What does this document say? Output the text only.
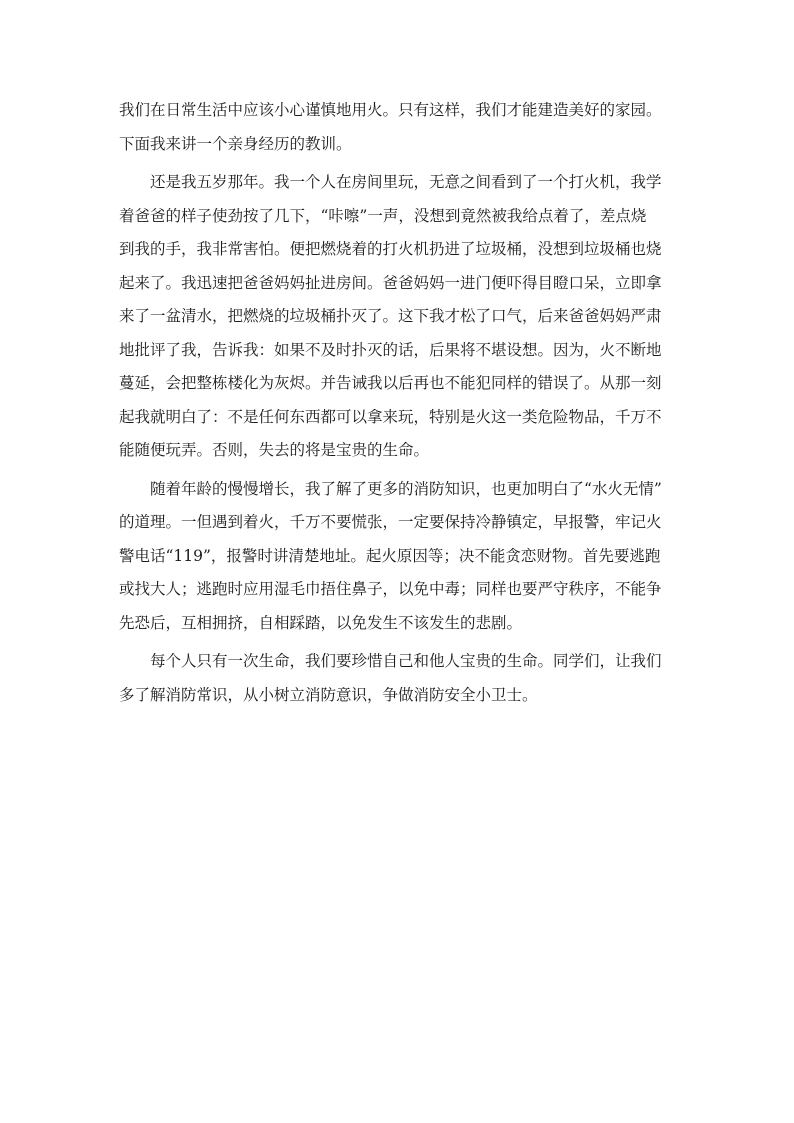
我们在日常生活中应该小心谨慎地用火。只有这样，我们才能建造美好的家园。
下面我来讲一个亲身经历的教训。
还是我五岁那年。我一个人在房间里玩，无意之间看到了一个打火机，我学
着爸爸的样子使劲按了几下，“咔嚓”一声，没想到竟然被我给点着了，差点烧
到我的手，我非常害怕。便把燃烧着的打火机扔进了垃圾桶，没想到垃圾桶也烧
起来了。我迅速把爸爸妈妈扯进房间。爸爸妈妈一进门便吓得目瞪口呆，立即拿
来了一盆清水，把燃烧的垃圾桶扑灭了。这下我才松了口气，后来爸爸妈妈严肃
地批评了我，告诉我：如果不及时扑灭的话，后果将不堪设想。因为，火不断地
蔓延，会把整栋楼化为灰烬。并告诫我以后再也不能犯同样的错误了。从那一刻
起我就明白了：不是任何东西都可以拿来玩，特别是火这一类危险物品，千万不
能随便玩弄。否则，失去的将是宝贵的生命。
随着年龄的慢慢增长，我了解了更多的消防知识，也更加明白了“水火无情”
的道理。一但遇到着火，千万不要慌张，一定要保持冷静镇定，早报警，牢记火
警电话“119”，报警时讲清楚地址。起火原因等；决不能贪恋财物。首先要逃跑
或找大人；逃跑时应用湿毛巾捂住鼻子，以免中毒；同样也要严守秩序，不能争
先恐后，互相拥挤，自相踩踏，以免发生不该发生的悲剧。
每个人只有一次生命，我们要珍惜自己和他人宝贵的生命。同学们，让我们
多了解消防常识，从小树立消防意识，争做消防安全小卫士。
